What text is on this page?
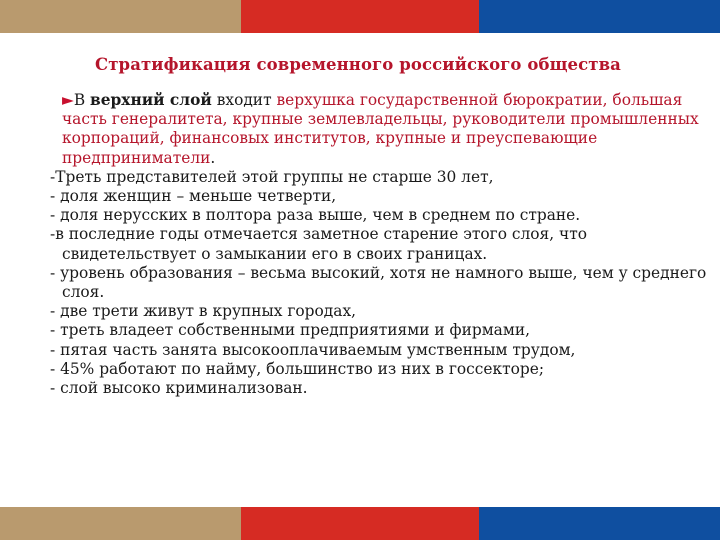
Стратификация современного российского общества

►В верхний слой входит верхушка государственной бюрократии, большая часть генералитета, крупные землевладельцы, руководители промышленных корпораций, финансовых институтов, крупные и преуспевающие предприниматели.

-Треть представителей этой группы не старше 30 лет,

- доля женщин – меньше четверти,

- доля нерусских в полтора раза выше, чем в среднем по стране.

-в последние годы отмечается заметное старение этого слоя, что свидетельствует о замыкании его в своих границах.

- уровень образования – весьма высокий, хотя не намного выше, чем у среднего слоя.

- две трети живут в крупных городах,

- треть владеет собственными предприятиями и фирмами,

- пятая часть занята высокооплачиваемым умственным трудом,

- 45% работают по найму, большинство из них в госсекторе;

- слой высоко криминализован.
